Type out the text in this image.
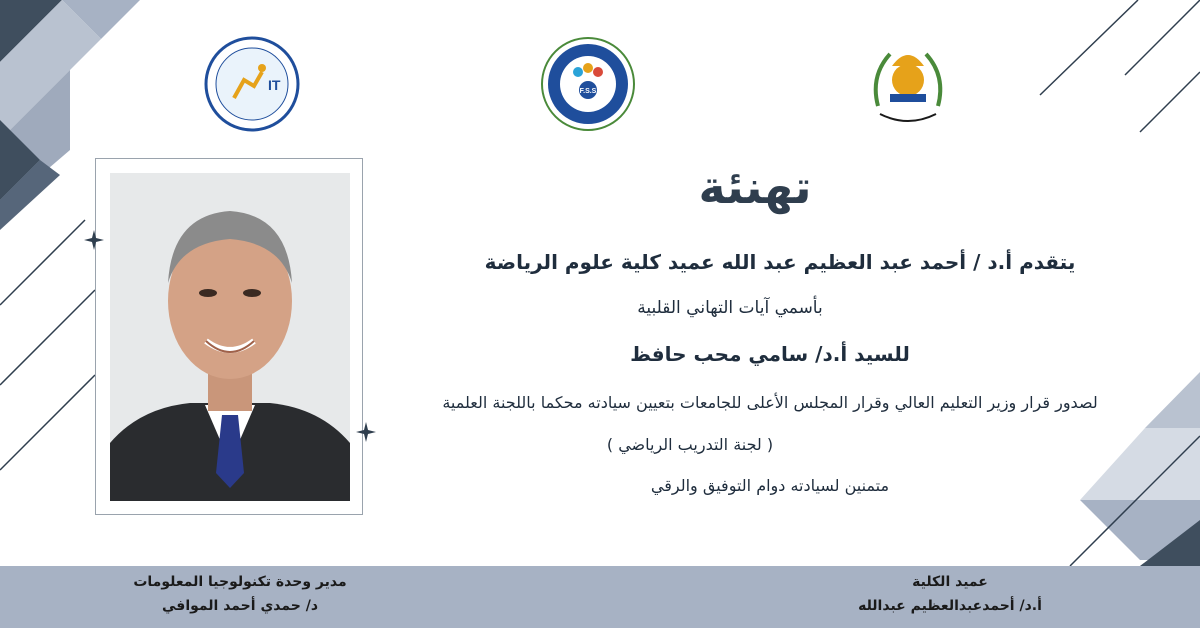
IT	F.S.S
تهنئة
يتقدم أ.د / أحمد عبد العظيم عبد الله عميد كلية علوم الرياضة
بأسمي آيات التهاني القلبية
للسيد أ.د/ سامي محب حافظ
لصدور قرار وزير التعليم العالي وقرار المجلس الأعلى للجامعات بتعيين سيادته محكما باللجنة العلمية
( لجنة التدريب الرياضي )
متمنين لسيادته دوام التوفيق والرقي
عميد الكلية
أ.د/ أحمدعبدالعظيم عبدالله
مدير وحدة تكنولوجيا المعلومات
د/ حمدي أحمد الموافي
